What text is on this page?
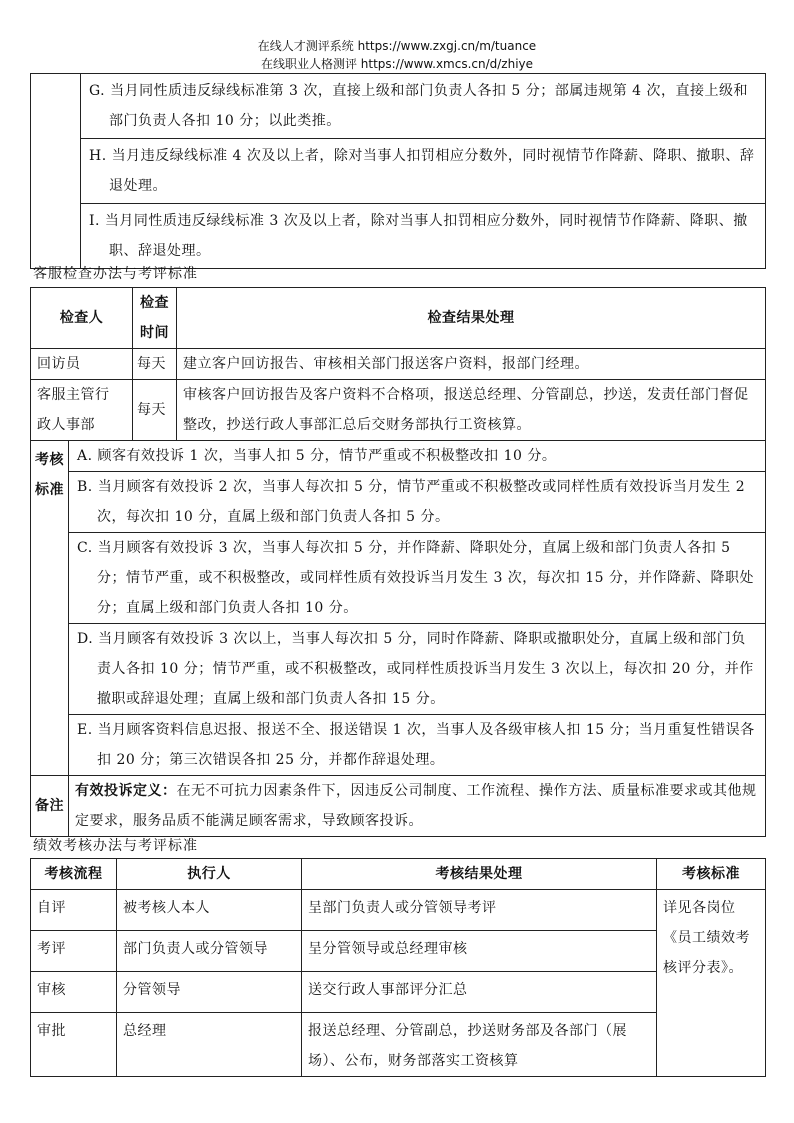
在线人才测评系统 https://www.zxgj.cn/m/tuance
在线职业人格测评 https://www.xmcs.cn/d/zhiye
	G. 当月同性质违反绿线标准第 3 次，直接上级和部门负责人各扣 5 分；部属违规第 4 次，直接上级和部门负责人各扣 10 分；以此类推。
H. 当月违反绿线标准 4 次及以上者，除对当事人扣罚相应分数外，同时视情节作降薪、降职、撤职、辞退处理。
I. 当月同性质违反绿线标准 3 次及以上者，除对当事人扣罚相应分数外，同时视情节作降薪、降职、撤职、辞退处理。
客服检查办法与考评标准
检查人		检查时间	检查结果处理
回访员		每天	建立客户回访报告、审核相关部门报送客户资料，报部门经理。
客服主管行政人事部		每天	审核客户回访报告及客户资料不合格项，报送总经理、分管副总，抄送，发责任部门督促整改，抄送行政人事部汇总后交财务部执行工资核算。
考核标准	A. 顾客有效投诉 1 次，当事人扣 5 分，情节严重或不积极整改扣 10 分。		
	B. 当月顾客有效投诉 2 次，当事人每次扣 5 分，情节严重或不积极整改或同样性质有效投诉当月发生 2 次，每次扣 10 分，直属上级和部门负责人各扣 5 分。		
	C. 当月顾客有效投诉 3 次，当事人每次扣 5 分，并作降薪、降职处分，直属上级和部门负责人各扣 5 分；情节严重，或不积极整改，或同样性质有效投诉当月发生 3 次，每次扣 15 分，并作降薪、降职处分；直属上级和部门负责人各扣 10 分。		
	D. 当月顾客有效投诉 3 次以上，当事人每次扣 5 分，同时作降薪、降职或撤职处分，直属上级和部门负责人各扣 10 分；情节严重，或不积极整改，或同样性质投诉当月发生 3 次以上，每次扣 20 分，并作撤职或辞退处理；直属上级和部门负责人各扣 15 分。		
	E. 当月顾客资料信息迟报、报送不全、报送错误 1 次，当事人及各级审核人扣 15 分；当月重复性错误各扣 20 分；第三次错误各扣 25 分，并都作辞退处理。		
备注	有效投诉定义：在无不可抗力因素条件下，因违反公司制度、工作流程、操作方法、质量标准要求或其他规定要求，服务品质不能满足顾客需求，导致顾客投诉。		
绩效考核办法与考评标准
考核流程	执行人	考核结果处理	考核标准
自评	被考核人本人	呈部门负责人或分管领导考评	详见各岗位《员工绩效考核评分表》。
考评	部门负责人或分管领导	呈分管领导或总经理审核	
审核	分管领导	送交行政人事部评分汇总	
审批	总经理	报送总经理、分管副总，抄送财务部及各部门（展场）、公布，财务部落实工资核算	
